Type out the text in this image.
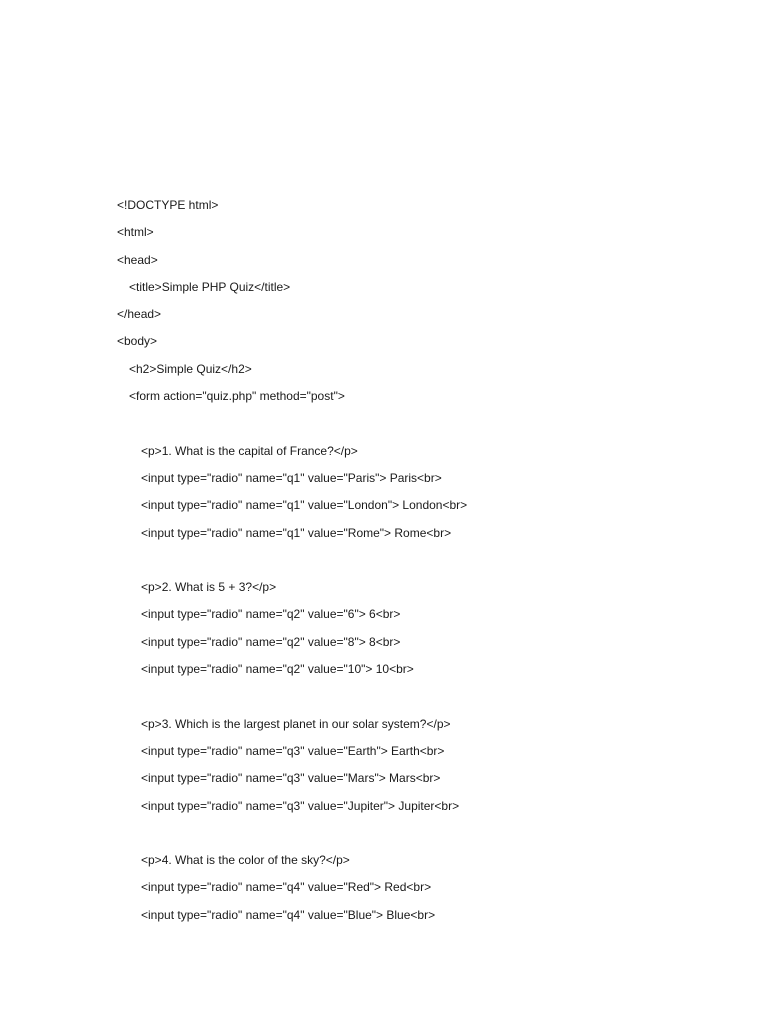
<!DOCTYPE html>
<html>
<head>
<title>Simple PHP Quiz</title>
</head>
<body>
<h2>Simple Quiz</h2>
<form action="quiz.php" method="post">
<p>1. What is the capital of France?</p>
<input type="radio" name="q1" value="Paris"> Paris<br>
<input type="radio" name="q1" value="London"> London<br>
<input type="radio" name="q1" value="Rome"> Rome<br>
<p>2. What is 5 + 3?</p>
<input type="radio" name="q2" value="6"> 6<br>
<input type="radio" name="q2" value="8"> 8<br>
<input type="radio" name="q2" value="10"> 10<br>
<p>3. Which is the largest planet in our solar system?</p>
<input type="radio" name="q3" value="Earth"> Earth<br>
<input type="radio" name="q3" value="Mars"> Mars<br>
<input type="radio" name="q3" value="Jupiter"> Jupiter<br>
<p>4. What is the color of the sky?</p>
<input type="radio" name="q4" value="Red"> Red<br>
<input type="radio" name="q4" value="Blue"> Blue<br>
